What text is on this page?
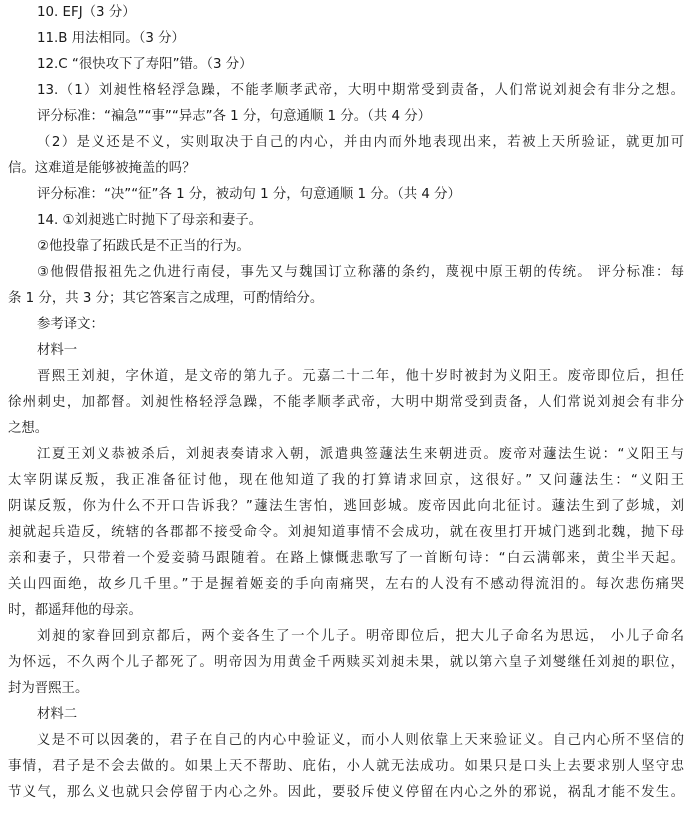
10. EFJ（3 分）
11.B 用法相同。（3 分）
12.C “很快攻下了寿阳”错。（3 分）
13.（1）刘昶性格轻浮急躁，不能孝顺孝武帝，大明中期常受到责备，人们常说刘昶会有非分之想。
评分标准：“褊急”“事”“异志”各 1 分，句意通顺 1 分。（共 4 分）
（2）是义还是不义，实则取决于自己的内心，并由内而外地表现出来，若被上天所验证，就更加可
信。这难道是能够被掩盖的吗？
评分标准：“决”“征”各 1 分，被动句 1 分，句意通顺 1 分。（共 4 分）
14. ①刘昶逃亡时抛下了母亲和妻子。
②他投靠了拓跋氏是不正当的行为。
③他假借报祖先之仇进行南侵，事先又与魏国订立称藩的条约，蔑视中原王朝的传统。 评分标准：每
条 1 分，共 3 分；其它答案言之成理，可酌情给分。
参考译文：
材料一
晋熙王刘昶，字休道，是文帝的第九子。元嘉二十二年，他十岁时被封为义阳王。废帝即位后，担任
徐州刺史，加都督。刘昶性格轻浮急躁，不能孝顺孝武帝，大明中期常受到责备，人们常说刘昶会有非分
之想。
江夏王刘义恭被杀后，刘昶表奏请求入朝，派遣典签蘧法生来朝进贡。废帝对蘧法生说：“义阳王与
太宰阴谋反叛，我正准备征讨他，现在他知道了我的打算请求回京，这很好。” 又问蘧法生：“义阳王
阴谋反叛，你为什么不开口告诉我？”蘧法生害怕，逃回彭城。废帝因此向北征讨。蘧法生到了彭城，刘
昶就起兵造反，统辖的各郡都不接受命令。刘昶知道事情不会成功，就在夜里打开城门逃到北魏，抛下母
亲和妻子，只带着一个爱妾骑马跟随着。在路上慷慨悲歌写了一首断句诗：“白云满鄣来，黄尘半天起。
关山四面绝，故乡几千里。”于是握着姬妾的手向南痛哭，左右的人没有不感动得流泪的。每次悲伤痛哭
时，都遥拜他的母亲。
刘昶的家眷回到京都后，两个妾各生了一个儿子。明帝即位后，把大儿子命名为思远， 小儿子命名
为怀远，不久两个儿子都死了。明帝因为用黄金千两赎买刘昶未果，就以第六皇子刘燮继任刘昶的职位，
封为晋熙王。
材料二
义是不可以因袭的，君子在自己的内心中验证义，而小人则依靠上天来验证义。自己内心所不坚信的
事情，君子是不会去做的。如果上天不帮助、庇佑，小人就无法成功。如果只是口头上去要求别人坚守忠
节义气，那么义也就只会停留于内心之外。因此，要驳斥使义停留在内心之外的邪说，祸乱才能不发生。
